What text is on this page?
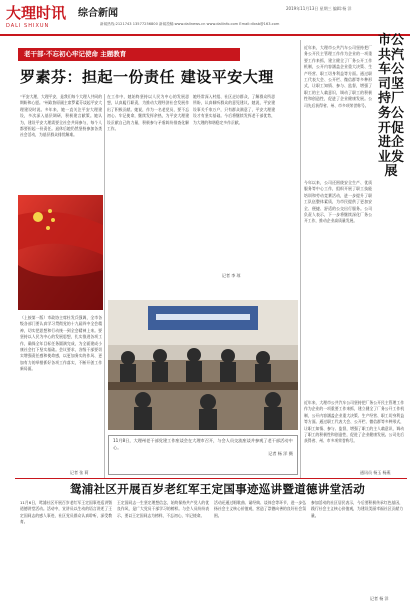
大理时讯
DALI SHIXUN
综合新闻
新闻热线:2121743 13577256800 新闻投稿:www.dalinews.cn www.daliinfo.com Email:dlxsb@163.com
2019年11月13日 星期三 编辑:杨 洋
老干部·不忘初心牢记使命 主题教育
罗素芬：担起一份责任 建设平安大理
“平安大理，大理平安，是我们每个大理人共同的期盼和心愿。”州政协原副主席罗素芬谈起平安大理建设时说。多年来，她一直关注平安大理建设，多次深入基层调研，积极建言献策。她认为，建设平安大理需要全社会共同参与，每个人都要担起一份责任。退休后她仍然坚持参加各类社会活动，为基层群众排忧解难。
在工作中，她始终坚持以人民为中心的发展思想，认真履行职责，为推动大理经济社会发展作出了积极贡献。她说，作为一名老党员，要不忘初心、牢记使命，继续发挥余热，为平安大理建设贡献自己的力量，积极参与矛盾纠纷排查化解工作。
她经常深入村组、社区走访群众，了解群众所思所盼，认真倾听群众的意见建议。她说，平安建设事关千家万户，只有群众满意了，平安大理建设才有坚实基础。今后将继续发挥老干部优势，为大理的和谐稳定多作贡献。
记者 李 琼
（上接第一版）市政协主席杜发兵强调，全市各级各部门要认真学习贯彻党的十九届四中全会精神，切实把思想和行动统一到全会精神上来。要坚持以人民为中心的发展思想，扎实推进各项工作，确保全年目标任务圆满完成，为全面建成小康社会打下坚实基础。会议要求，各级干部要切实增强责任感和使命感，以更加务实的作风、更加有力的举措抓好各项工作落实，不断开创工作新局面。
记者 张 莉
11月8日，大理州老干部党建工作座谈会在大理市召开，与会人员交流座谈并参观了老干部活动中心。
记者 杨 洋 摄
近年来，大理市公共汽车公司坚持把厂务公开民主管理工作作为企业的一项重要工作来抓，建立健全了厂务公开工作机制，公开内容涵盖企业重大决策、生产经营、职工切身利益等方面。通过职工代表大会、公开栏、微信群等多种形式，让职工知情、参与、监督，增强了职工的主人翁意识，调动了职工的积极性和创造性，促进了企业健康发展。公司先后获得省、州、市多项荣誉称号。
市公共汽车公司坚持厂务公开促进企业发展
今年以来，公司还围绕安全生产、优质服务等中心工作，组织开展了职工技能培训和劳动竞赛活动，进一步提升了职工队伍整体素质，为市民提供了更加安全、便捷、舒适的公交出行服务。公司负责人表示，下一步将继续深化厂务公开工作，推动企业高质量发展。
近年来，大理市公共汽车公司坚持把厂务公开民主管理工作作为企业的一项重要工作来抓，建立健全了厂务公开工作机制，公开内容涵盖企业重大决策、生产经营、职工切身利益等方面。通过职工代表大会、公开栏、微信群等多种形式，让职工知情、参与、监督，增强了职工的主人翁意识，调动了职工的积极性和创造性，促进了企业健康发展。公司先后获得省、州、市多项荣誉称号。
通讯员 杨玉 杨燕
鸳浦社区开展百岁老红军王定国事迹巡讲暨道德讲堂活动
11月6日，鸳浦社区开展百岁老红军王定国事迹巡讲暨道德讲堂活动。活动中，宣讲员以生动的语言讲述了王定国同志的感人事迹，社区党员群众认真聆听，深受教育。
王定国同志一生坚定理想信念，始终保持共产党人的优良作风，是广大党员干部学习的榜样。与会人员纷纷表示，要以王定国同志为榜样，不忘初心，牢记使命。
活动还通过唱歌曲、诵经典、谈体会等环节，进一步弘扬社会主义核心价值观，营造了崇德向善的良好社会氛围。
参加活动的社区居民表示，今后要积极传承红色基因，践行社会主义核心价值观，为建设美丽幸福社区贡献力量。
记者 杨 洋
